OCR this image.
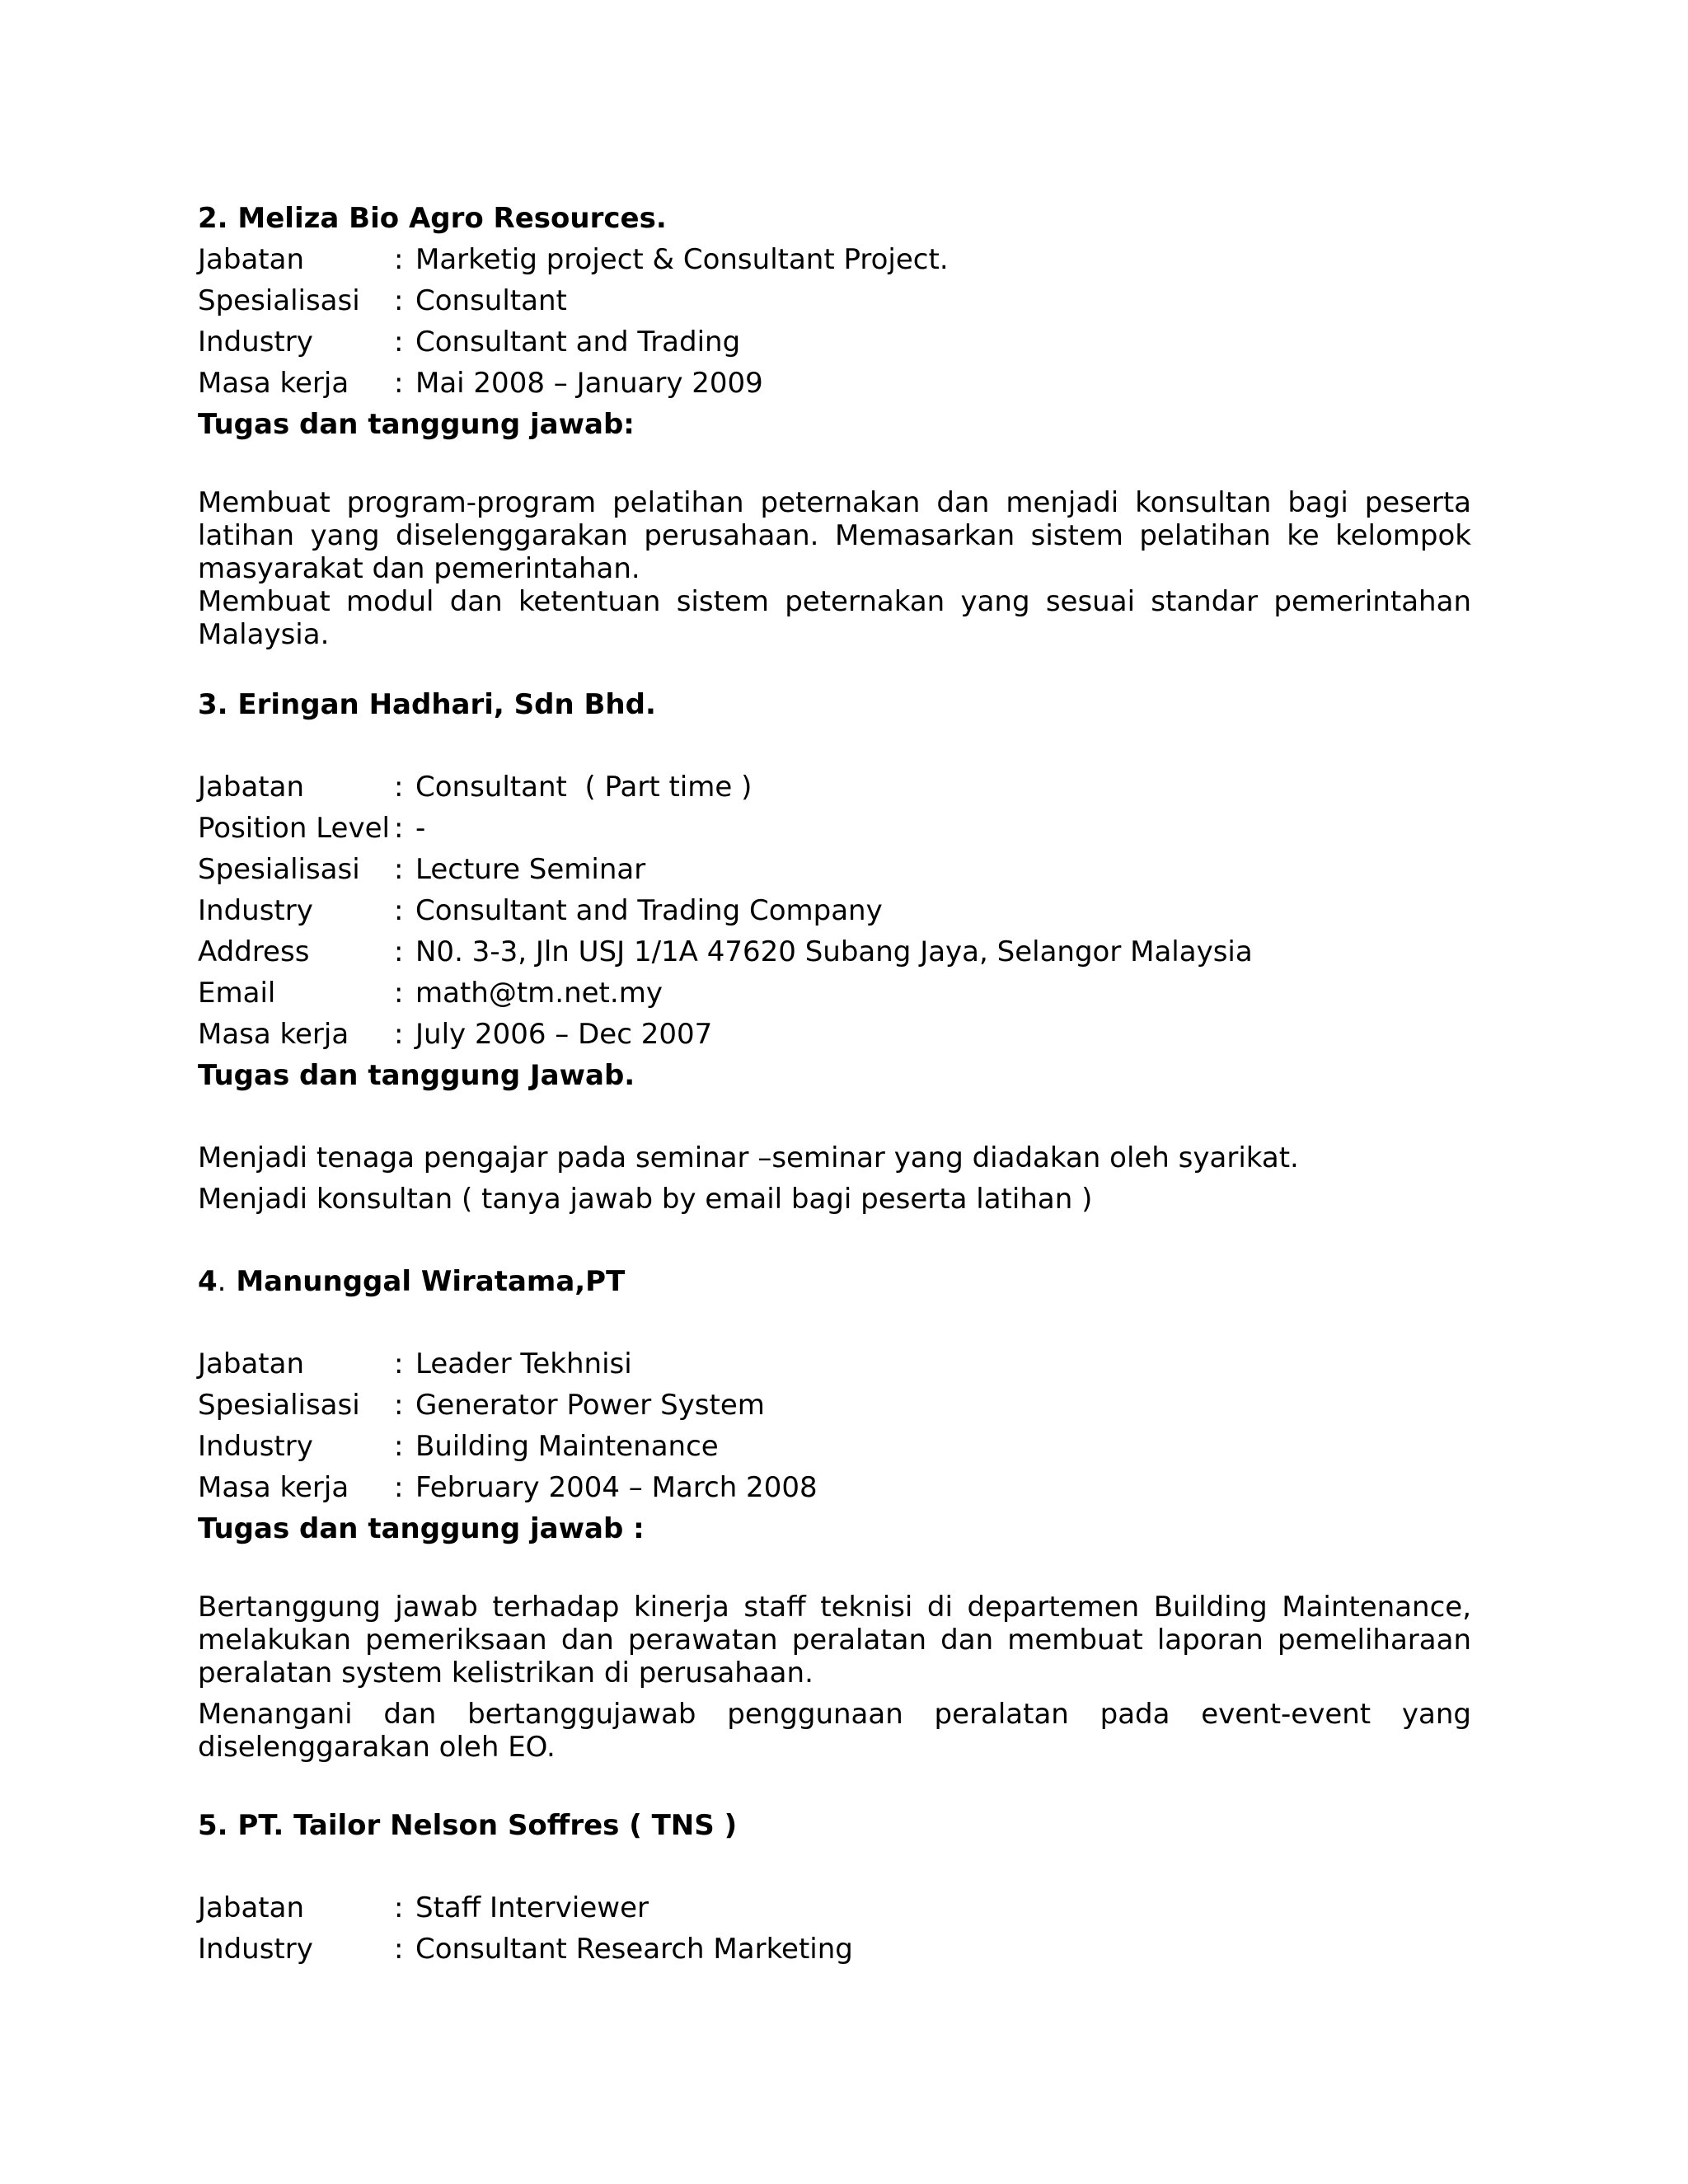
2. Meliza Bio Agro Resources.
Jabatan	: Marketig project & Consultant Project.
Spesialisasi	: Consultant
Industry	: Consultant and Trading
Masa kerja	: Mai 2008 – January 2009
Tugas dan tanggung jawab:

Membuat program-program pelatihan peternakan dan menjadi konsultan bagi peserta latihan yang diselenggarakan perusahaan. Memasarkan sistem pelatihan ke kelompok masyarakat dan pemerintahan.

Membuat modul dan ketentuan sistem peternakan yang sesuai standar pemerintahan Malaysia.

3. Eringan Hadhari, Sdn Bhd.
Jabatan	: Consultant  ( Part time )
Position Level : -
Spesialisasi	: Lecture Seminar
Industry	: Consultant and Trading Company
Address	: N0. 3-3, Jln USJ 1/1A 47620 Subang Jaya, Selangor Malaysia
Email	: math@tm.net.my
Masa kerja	: July 2006 – Dec 2007
Tugas dan tanggung Jawab.

Menjadi tenaga pengajar pada seminar –seminar yang diadakan oleh syarikat.

Menjadi konsultan ( tanya jawab by email bagi peserta latihan )

4. Manunggal Wiratama,PT
Jabatan	: Leader Tekhnisi
Spesialisasi	: Generator Power System
Industry	: Building Maintenance
Masa kerja	: February 2004 – March 2008
Tugas dan tanggung jawab :

Bertanggung jawab terhadap kinerja staff teknisi di departemen Building Maintenance, melakukan pemeriksaan dan perawatan peralatan dan membuat laporan pemeliharaan peralatan system kelistrikan di perusahaan.

Menangani dan bertanggujawab penggunaan peralatan pada event-event yang diselenggarakan oleh EO.

5. PT. Tailor Nelson Soffres ( TNS )
Jabatan	: Staff Interviewer
Industry	: Consultant Research Marketing
